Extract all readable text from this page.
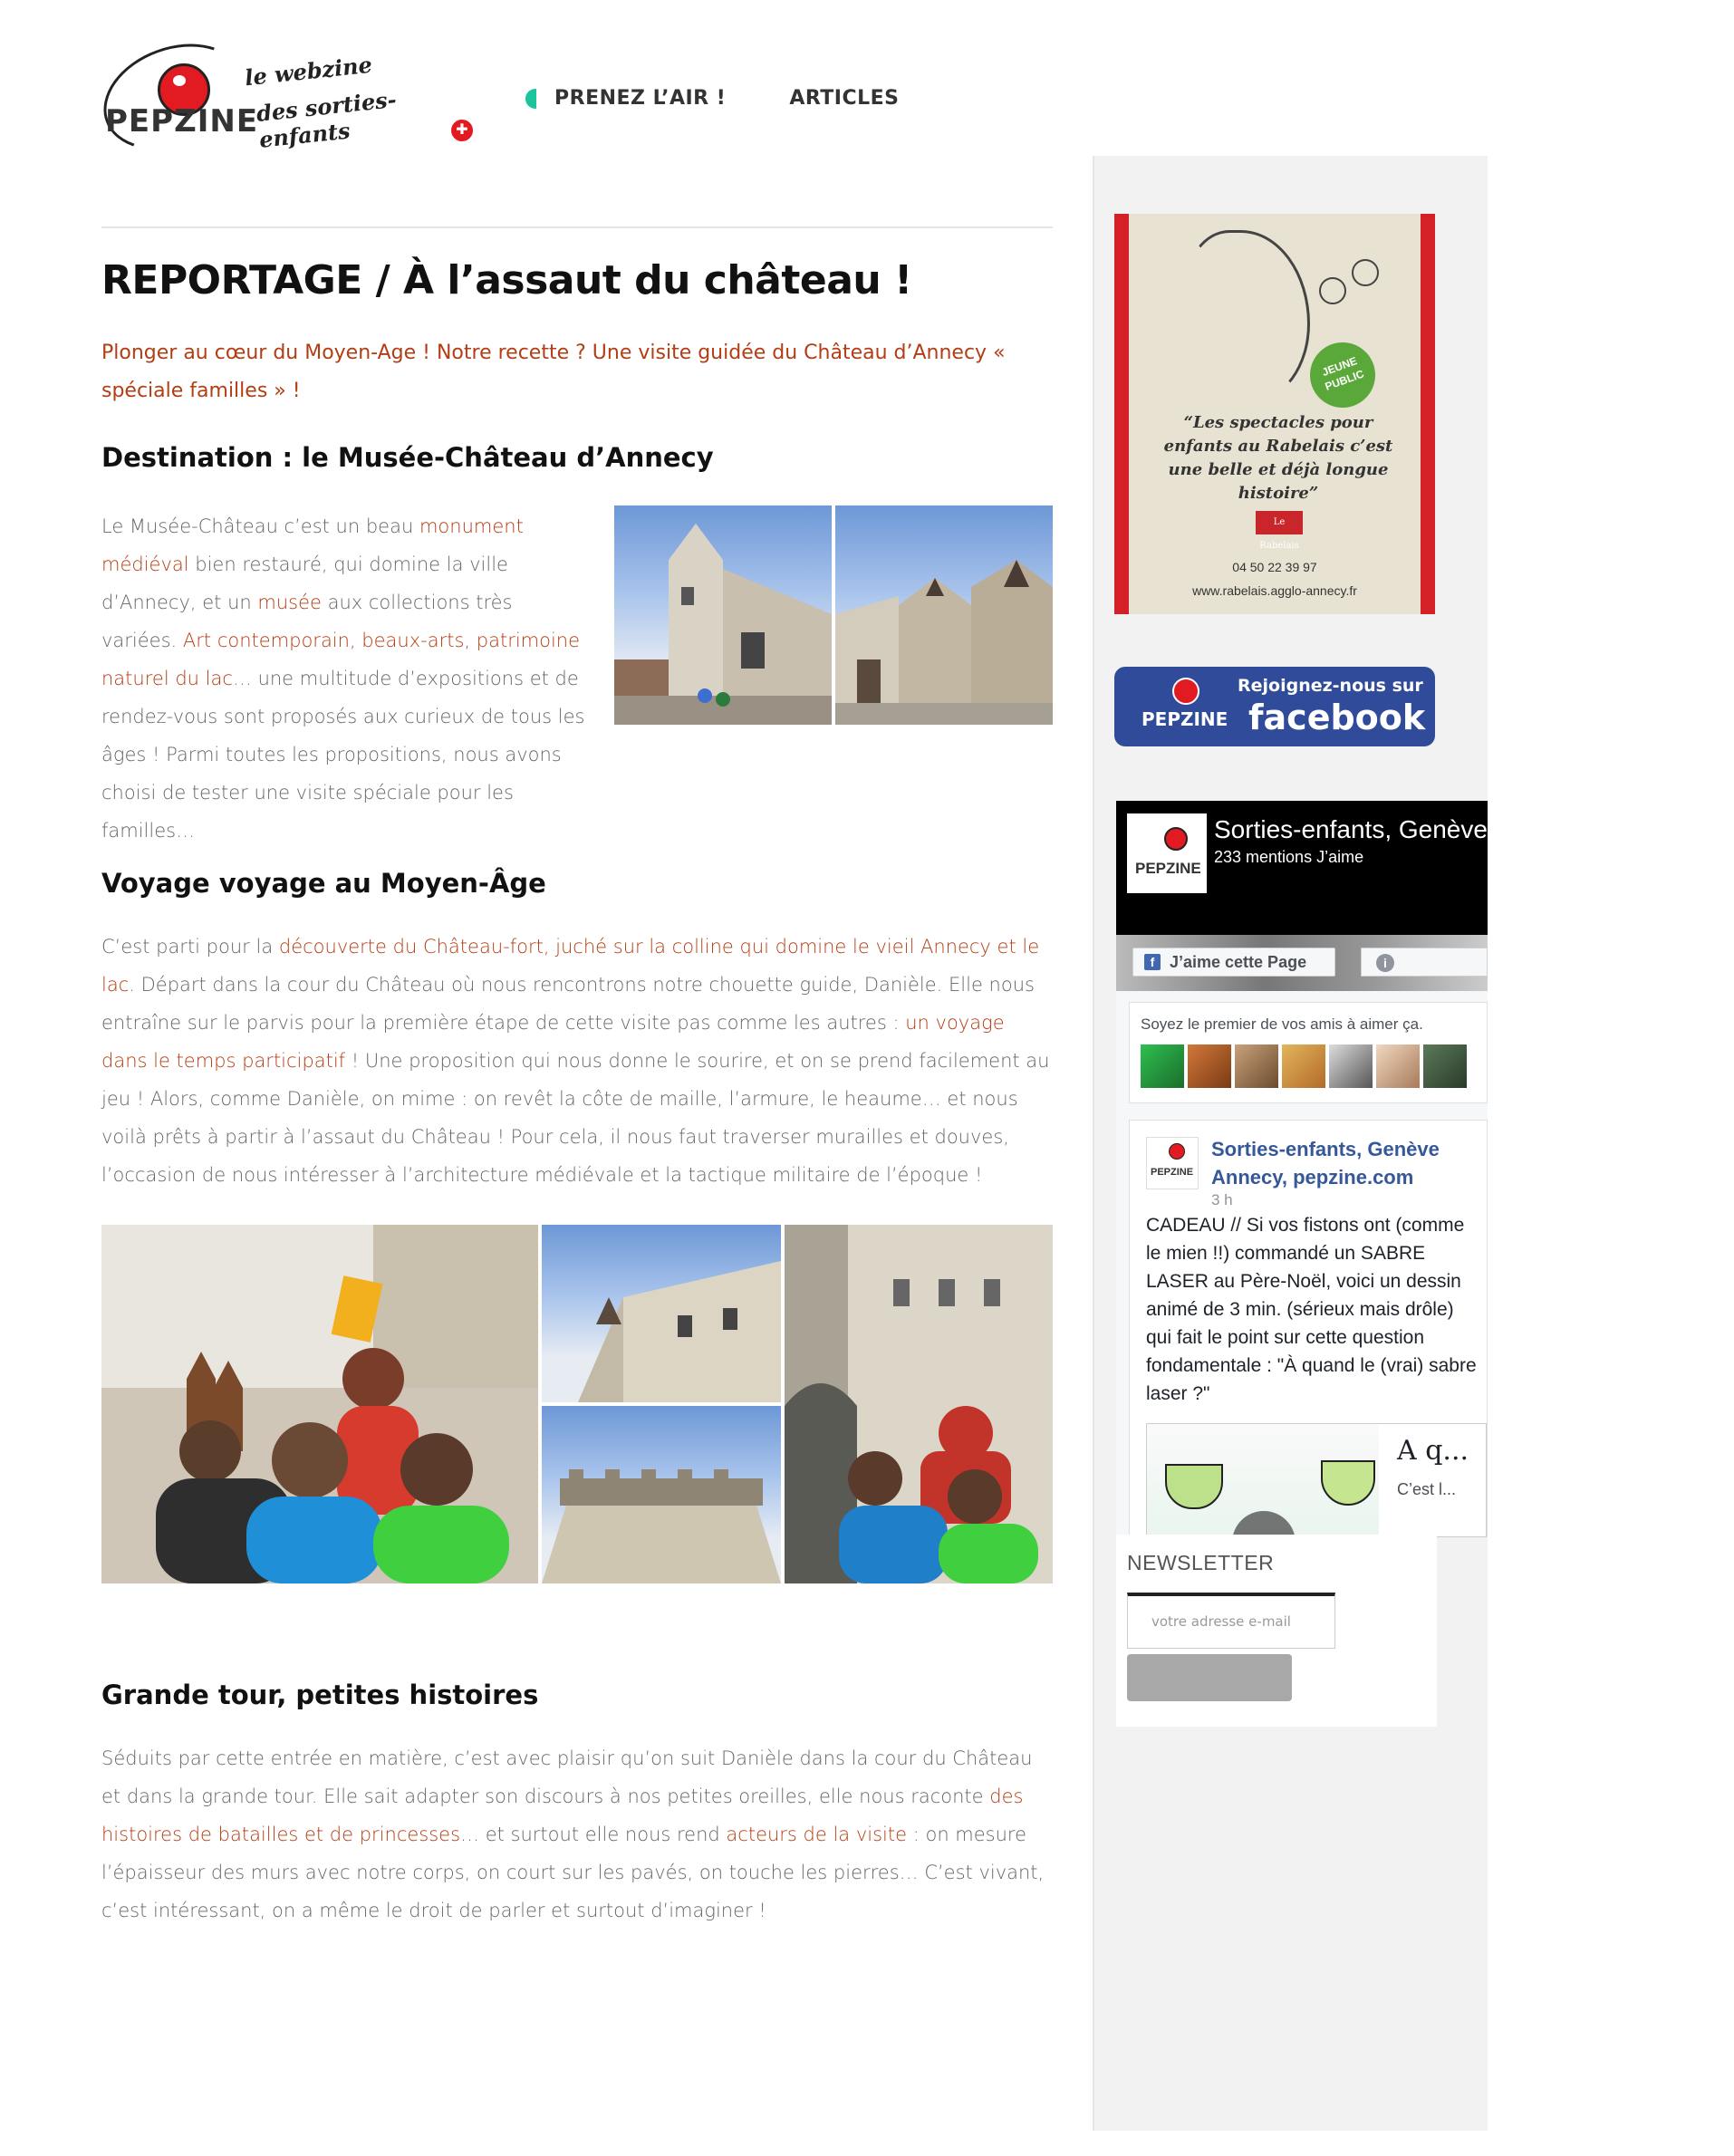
PEPZINE
le webzine
des sorties-enfants	✚
PRENEZ L’AIR !	ARTICLES
REPORTAGE / À l’assaut du château !

Plonger au cœur du Moyen-Age ! Notre recette ? Une visite guidée du Château d’Annecy « spéciale familles » !

Destination : le Musée-Château d’Annecy

Le Musée-Château c’est un beau monument médiéval bien restauré, qui domine la ville d’Annecy, et un musée aux collections très variées. Art contemporain, beaux-arts, patrimoine naturel du lac… une multitude d’expositions et de rendez-vous sont proposés aux curieux de tous les âges ! Parmi toutes les propositions, nous avons choisi de tester une visite spéciale pour les familles…

Voyage voyage au Moyen-Âge

C’est parti pour la découverte du Château-fort, juché sur la colline qui domine le vieil Annecy et le lac. Départ dans la cour du Château où nous rencontrons notre chouette guide, Danièle. Elle nous entraîne sur le parvis pour la première étape de cette visite pas comme les autres : un voyage dans le temps participatif ! Une proposition qui nous donne le sourire, et on se prend facilement au jeu ! Alors, comme Danièle, on mime : on revêt la côte de maille, l’armure, le heaume… et nous voilà prêts à partir à l’assaut du Château ! Pour cela, il nous faut traverser murailles et douves, l’occasion de nous intéresser à l’architecture médiévale et la tactique militaire de l’époque !

Grande tour, petites histoires

Séduits par cette entrée en matière, c’est avec plaisir qu’on suit Danièle dans la cour du Château et dans la grande tour. Elle sait adapter son discours à nos petites oreilles, elle nous raconte des histoires de batailles et de princesses… et surtout elle nous rend acteurs de la visite : on mesure l’épaisseur des murs avec notre corps, on court sur les pavés, on touche les pierres… C’est vivant, c’est intéressant, on a même le droit de parler et surtout d’imaginer !

JEUNE PUBLIC
“Les spectacles pour enfants au Rabelais c’est une belle et déjà longue histoire”
Le Rabelais
04 50 22 39 97
www.rabelais.agglo-annecy.fr
PEPZINE
Rejoignez-nous sur
facebook
PEPZINE
Sorties-enfants, Genève Annecy, pepzine.com
233 mentions J’aime
f J’aime cette Page	i
Soyez le premier de vos amis à aimer ça.
PEPZINE
Sorties-enfants, Genève Annecy, pepzine.com
3 h
CADEAU // Si vos fistons ont (comme le mien !!) commandé un SABRE LASER au Père-Noël, voici un dessin animé de 3 min. (sérieux mais drôle) qui fait le point sur cette question fondamentale : "À quand le (vrai) sabre laser ?"
A q...
C’est l...
NEWSLETTER
votre adresse e-mail
